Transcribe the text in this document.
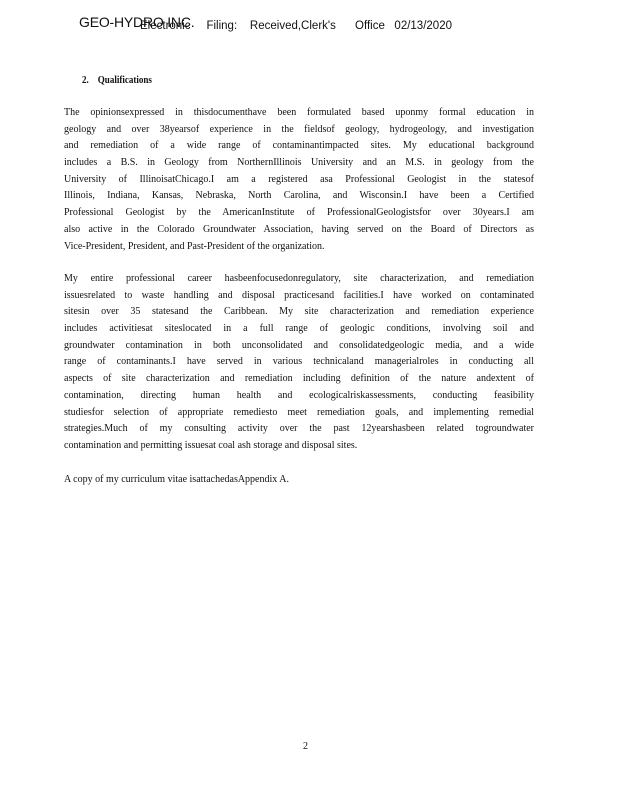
GEO-HYDRO INC.
Electronic     Filing:    Received,Clerk's      Office   02/13/2020
2.    Qualifications
The opinionsexpressed in thisdocumenthave been formulated based uponmy formal education in
geology and over 38yearsof experience in the fieldsof geology, hydrogeology, and investigation
and remediation of a wide range of contaminantimpacted sites. My educational background
includes a B.S. in Geology from NorthernIllinois University and an M.S. in geology from the
University of IllinoisatChicago.I am a registered asa Professional Geologist in the statesof
Illinois, Indiana, Kansas, Nebraska, North Carolina, and Wisconsin.I have been a Certified
Professional Geologist by the AmericanInstitute of ProfessionalGeologistsfor over 30years.I am
also active in the Colorado Groundwater Association, having served on the Board of Directors as
Vice-President, President, and Past-President of the organization.
My entire professional career hasbeenfocusedonregulatory, site characterization, and remediation
issuesrelated to waste handling and disposal practicesand facilities.I have worked on contaminated
sitesin over 35 statesand the Caribbean. My site characterization and remediation experience
includes activitiesat siteslocated in a full range of geologic conditions, involving soil and
groundwater contamination in both unconsolidated and consolidatedgeologic media, and a wide
range of contaminants.I have served in various technicaland managerialroles in conducting all
aspects of site characterization and remediation including definition of the nature andextent of
contamination, directing human health and ecologicalriskassessments, conducting feasibility
studiesfor selection of appropriate remediesto meet remediation goals, and implementing remedial
strategies.Much of my consulting activity over the past 12yearshasbeen related togroundwater
contamination and permitting issuesat coal ash storage and disposal sites.
A copy of my curriculum vitae isattachedasAppendix A.
2
